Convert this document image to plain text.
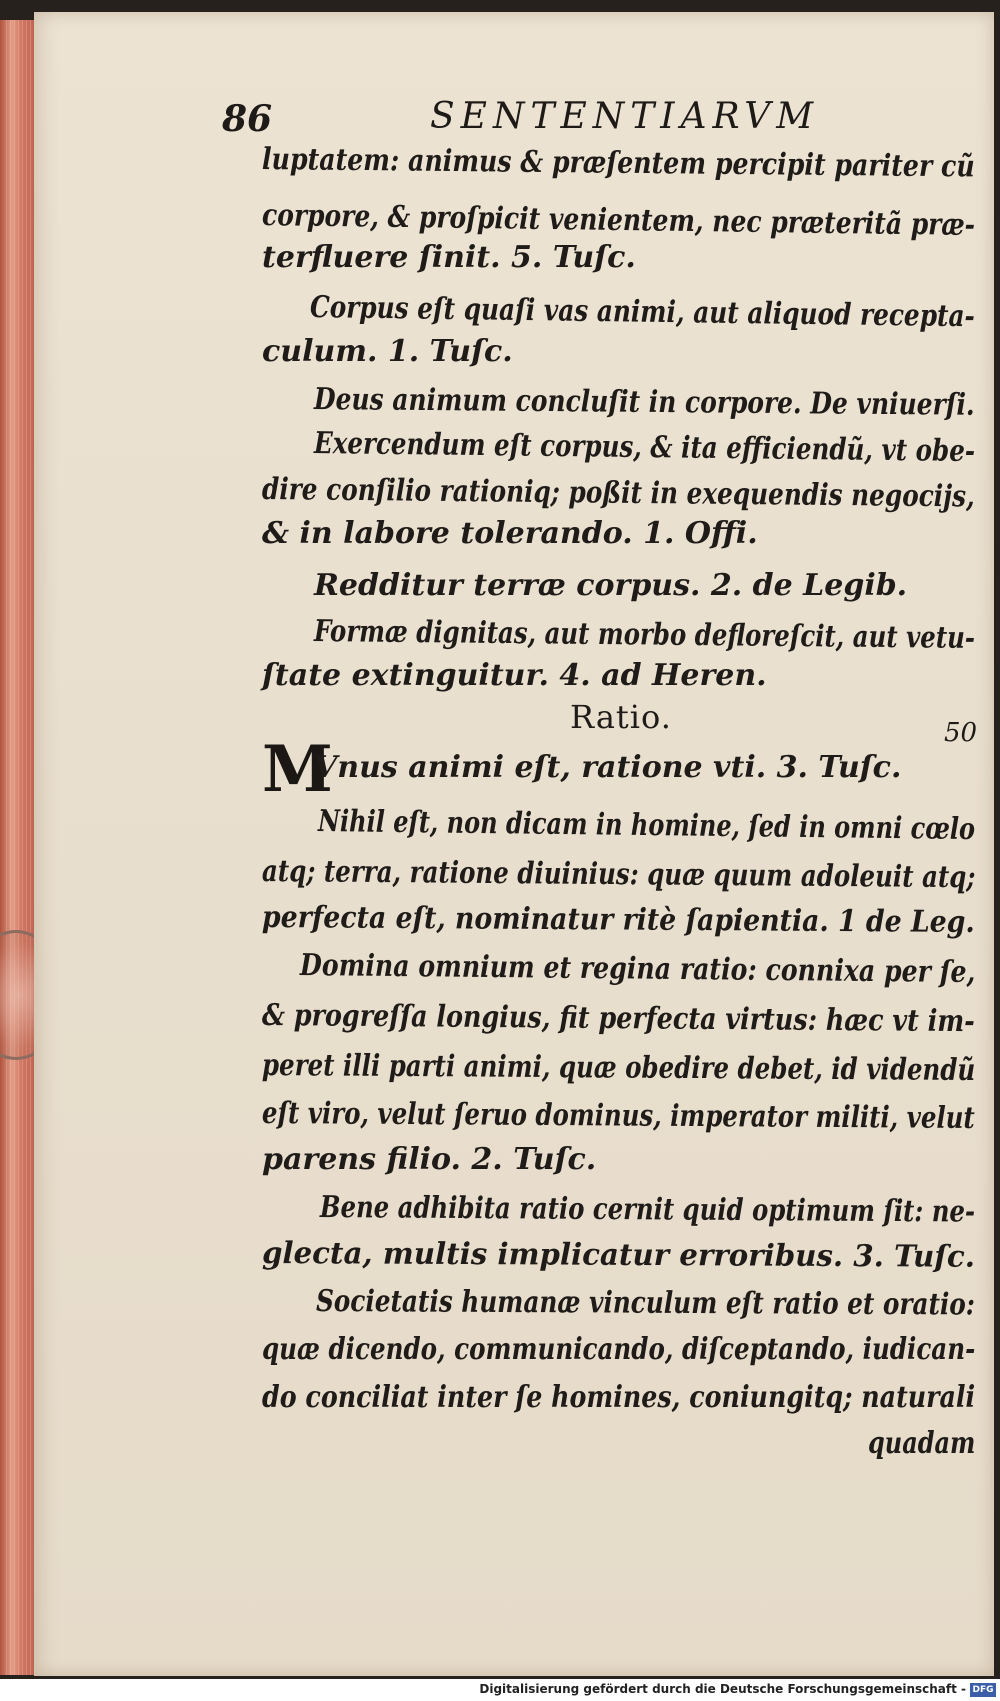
86	SENTENTIARVM
luptatem: animus & præſentem percipit pariter cũ
corpore, & proſpicit venientem, nec præteritã præ-
terfluere ſinit. 5. Tuſc.
Corpus eſt quaſi vas animi, aut aliquod recepta-
culum. 1. Tuſc.
Deus animum concluſit in corpore. De vniuerſi.
Exercendum eſt corpus, & ita efficiendũ, vt obe-
dire conſilio rationiq; poßit in exequendis negocijs,
& in labore tolerando. 1. Offi.
Redditur terræ corpus. 2. de Legib.
Formæ dignitas, aut morbo defloreſcit, aut vetu-
ſtate extinguitur. 4. ad Heren.
Ratio.	50
M
Vnus animi eſt, ratione vti. 3. Tuſc.
Nihil eſt, non dicam in homine, ſed in omni cœlo
atq; terra, ratione diuinius: quæ quum adoleuit atq;
perfecta eſt, nominatur ritè ſapientia. 1 de Leg.
Domina omnium et regina ratio: connixa per ſe,
& progreſſa longius, fit perfecta virtus: hæc vt im-
peret illi parti animi, quæ obedire debet, id videndũ
eſt viro, velut ſeruo dominus, imperator militi, velut
parens filio. 2. Tuſc.
Bene adhibita ratio cernit quid optimum ſit: ne-
glecta, multis implicatur erroribus. 3. Tuſc.
Societatis humanæ vinculum eſt ratio et oratio:
quæ dicendo, communicando, diſceptando, iudican-
do conciliat inter ſe homines, coniungitq; naturali
quadam
Digitalisierung gefördert durch die Deutsche Forschungsgemeinschaft - DFG
